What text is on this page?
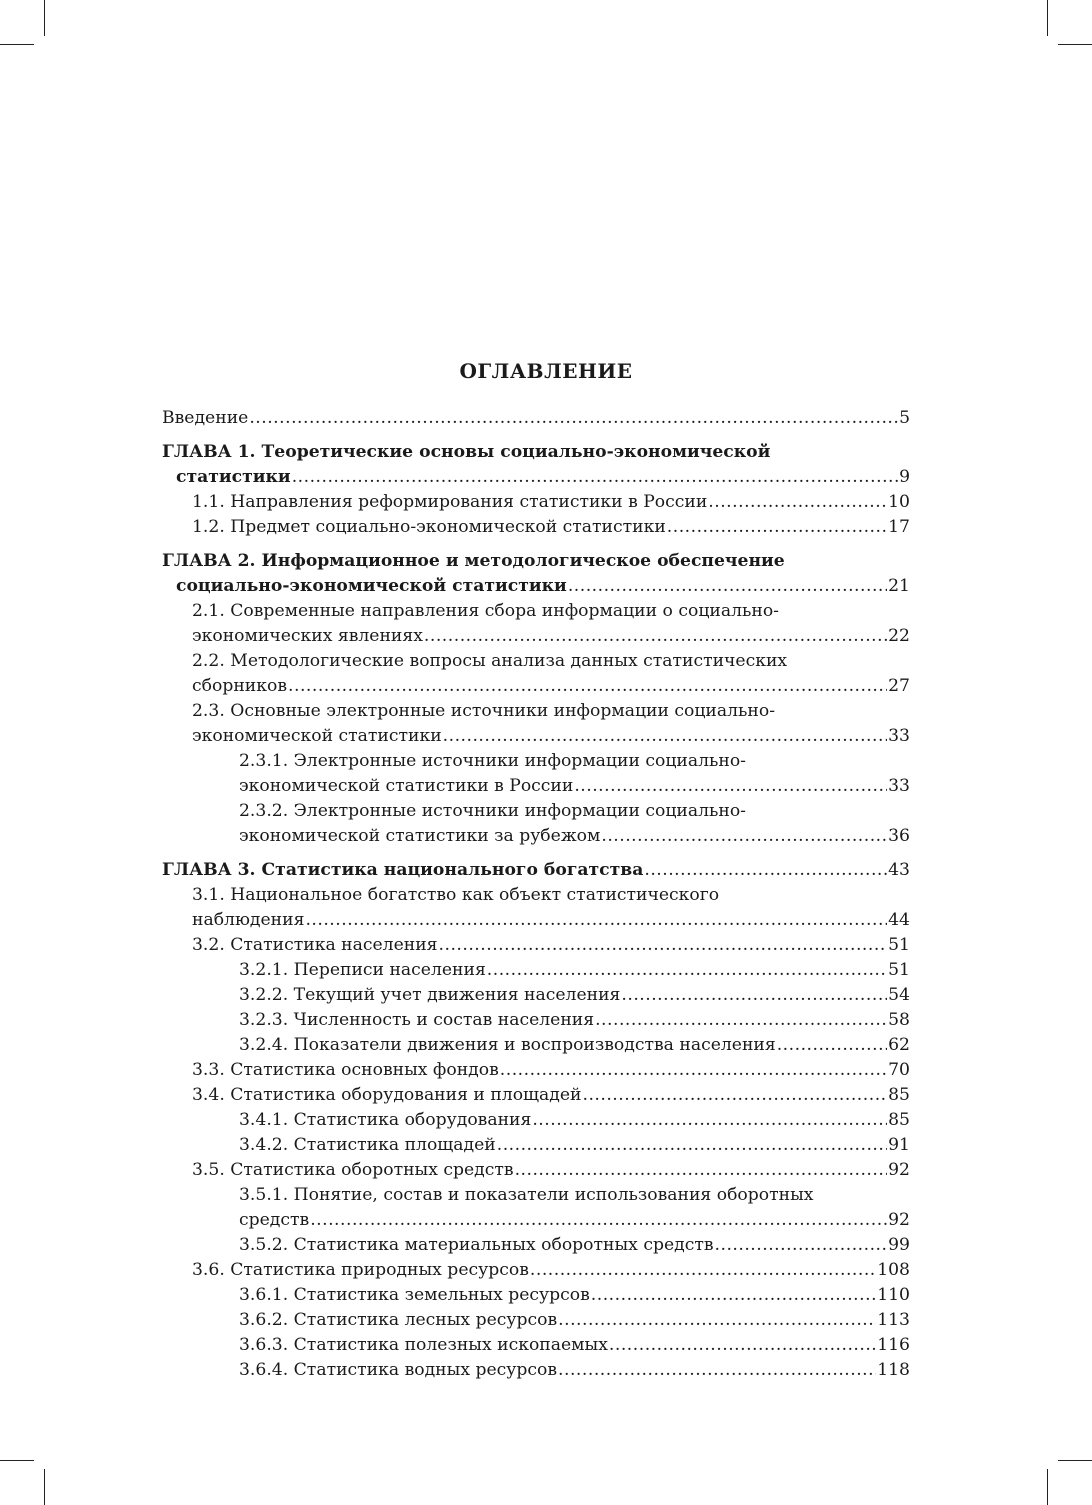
ОГЛАВЛЕНИЕ
Введение .....	5
ГЛАВА 1. Теоретические основы социально-экономической
статистики .....	9
1.1. Направления реформирования статистики в России .....	10
1.2. Предмет социально-экономической статистики .....	17
ГЛАВА 2. Информационное и методологическое обеспечение
социально-экономической статистики .....	21
2.1. Современные направления сбора информации о социально-
экономических явлениях .....	22
2.2. Методологические вопросы анализа данных статистических
сборников .....	27
2.3. Основные электронные источники информации социально-
экономической статистики .....	33
2.3.1. Электронные источники информации социально-
экономической статистики в России .....	33
2.3.2. Электронные источники информации социально-
экономической статистики за рубежом .....	36
ГЛАВА 3. Статистика национального богатства .....	43
3.1. Национальное богатство как объект статистического
наблюдения .....	44
3.2. Статистика населения .....	51
3.2.1. Переписи населения .....	51
3.2.2. Текущий учет движения населения .....	54
3.2.3. Численность и состав населения .....	58
3.2.4. Показатели движения и воспроизводства населения .....	62
3.3. Статистика основных фондов .....	70
3.4. Статистика оборудования и площадей .....	85
3.4.1. Статистика оборудования .....	85
3.4.2. Статистика площадей .....	91
3.5. Статистика оборотных средств .....	92
3.5.1. Понятие, состав и показатели использования оборотных
средств .....	92
3.5.2. Статистика материальных оборотных средств .....	99
3.6. Статистика природных ресурсов .....	108
3.6.1. Статистика земельных ресурсов .....	110
3.6.2. Статистика лесных ресурсов .....	113
3.6.3. Статистика полезных ископаемых .....	116
3.6.4. Статистика водных ресурсов .....	118
